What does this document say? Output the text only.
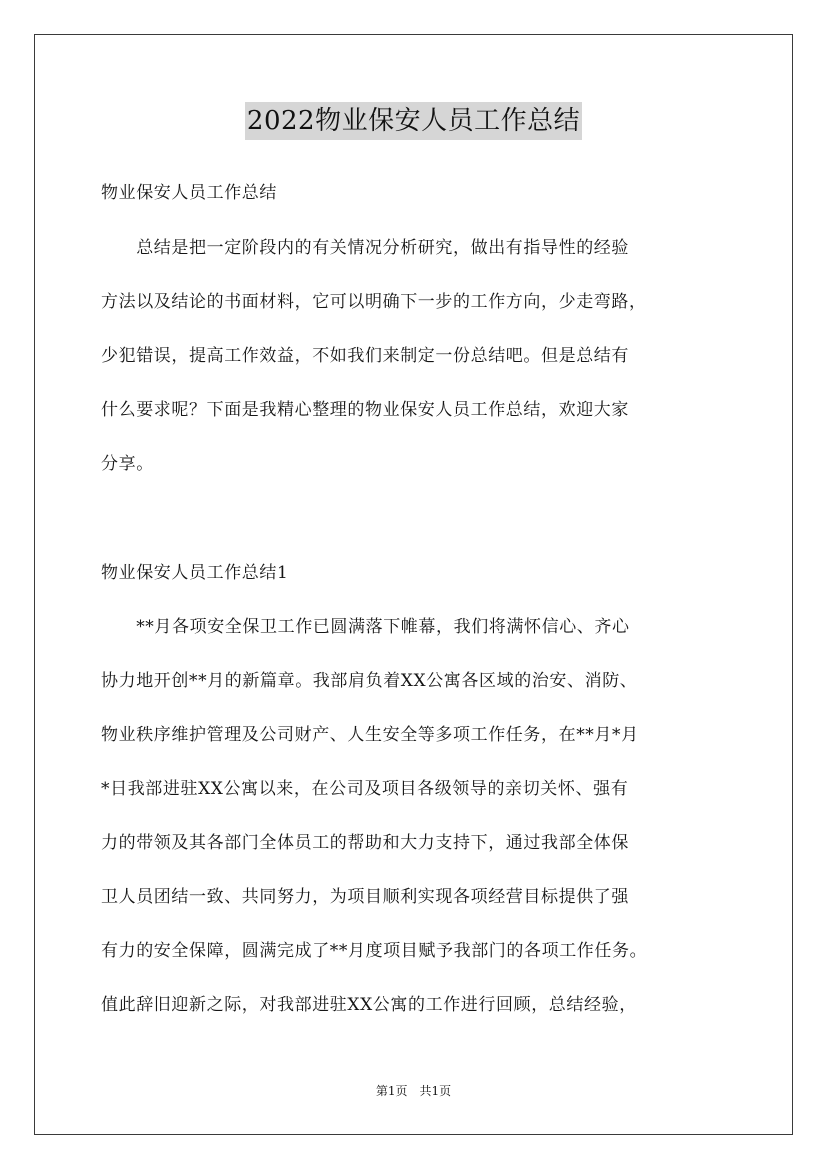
2022物业保安人员工作总结
物业保安人员工作总结
　　总结是把一定阶段内的有关情况分析研究，做出有指导性的经验
方法以及结论的书面材料，它可以明确下一步的工作方向，少走弯路，
少犯错误，提高工作效益，不如我们来制定一份总结吧。但是总结有
什么要求呢？下面是我精心整理的物业保安人员工作总结，欢迎大家
分享。
物业保安人员工作总结1
　　**月各项安全保卫工作已圆满落下帷幕，我们将满怀信心、齐心
协力地开创**月的新篇章。我部肩负着XX公寓各区域的治安、消防、
物业秩序维护管理及公司财产、人生安全等多项工作任务，在**月*月
*日我部进驻XX公寓以来，在公司及项目各级领导的亲切关怀、强有
力的带领及其各部门全体员工的帮助和大力支持下，通过我部全体保
卫人员团结一致、共同努力，为项目顺利实现各项经营目标提供了强
有力的安全保障，圆满完成了**月度项目赋予我部门的各项工作任务。
值此辞旧迎新之际，对我部进驻XX公寓的工作进行回顾，总结经验，
第1页　共1页
